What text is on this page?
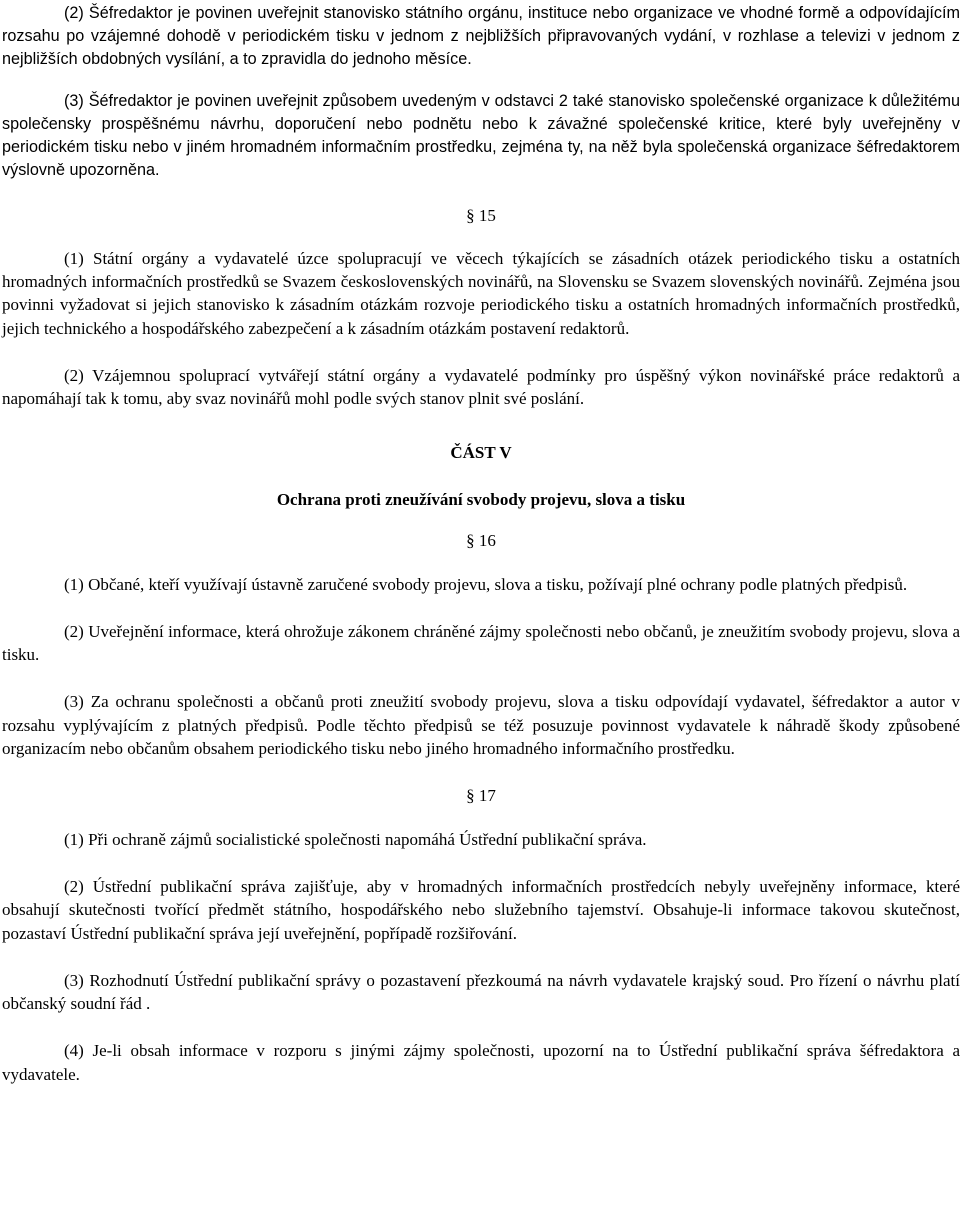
(2) Šéfredaktor je povinen uveřejnit stanovisko státního orgánu, instituce nebo organizace ve vhodné formě a odpovídajícím rozsahu po vzájemné dohodě v periodickém tisku v jednom z nejbližších připravovaných vydání, v rozhlase a televizi v jednom z nejbližších obdobných vysílání, a to zpravidla do jednoho měsíce.

(3) Šéfredaktor je povinen uveřejnit způsobem uvedeným v odstavci 2 také stanovisko společenské organizace k důležitému společensky prospěšnému návrhu, doporučení nebo podnětu nebo k závažné společenské kritice, které byly uveřejněny v periodickém tisku nebo v jiném hromadném informačním prostředku, zejména ty, na něž byla společenská organizace šéfredaktorem výslovně upozorněna.

§ 15

(1) Státní orgány a vydavatelé úzce spolupracují ve věcech týkajících se zásadních otázek periodického tisku a ostatních hromadných informačních prostředků se Svazem československých novinářů, na Slovensku se Svazem slovenských novinářů. Zejména jsou povinni vyžadovat si jejich stanovisko k zásadním otázkám rozvoje periodického tisku a ostatních hromadných informačních prostředků, jejich technického a hospodářského zabezpečení a k zásadním otázkám postavení redaktorů.

(2) Vzájemnou spoluprací vytvářejí státní orgány a vydavatelé podmínky pro úspěšný výkon novinářské práce redaktorů a napomáhají tak k tomu, aby svaz novinářů mohl podle svých stanov plnit své poslání.

ČÁST V

Ochrana proti zneužívání svobody projevu, slova a tisku

§ 16

(1) Občané, kteří využívají ústavně zaručené svobody projevu, slova a tisku, požívají plné ochrany podle platných předpisů.

(2) Uveřejnění informace, která ohrožuje zákonem chráněné zájmy společnosti nebo občanů, je zneužitím svobody projevu, slova a tisku.

(3) Za ochranu společnosti a občanů proti zneužití svobody projevu, slova a tisku odpovídají vydavatel, šéfredaktor a autor v rozsahu vyplývajícím z platných předpisů. Podle těchto předpisů se též posuzuje povinnost vydavatele k náhradě škody způsobené organizacím nebo občanům obsahem periodického tisku nebo jiného hromadného informačního prostředku.

§ 17

(1) Při ochraně zájmů socialistické společnosti napomáhá Ústřední publikační správa.

(2) Ústřední publikační správa zajišťuje, aby v hromadných informačních prostředcích nebyly uveřejněny informace, které obsahují skutečnosti tvořící předmět státního, hospodářského nebo služebního tajemství. Obsahuje-li informace takovou skutečnost, pozastaví Ústřední publikační správa její uveřejnění, popřípadě rozšiřování.

(3) Rozhodnutí Ústřední publikační správy o pozastavení přezkoumá na návrh vydavatele krajský soud. Pro řízení o návrhu platí občanský soudní řád .

(4) Je-li obsah informace v rozporu s jinými zájmy společnosti, upozorní na to Ústřední publikační správa šéfredaktora a vydavatele.
